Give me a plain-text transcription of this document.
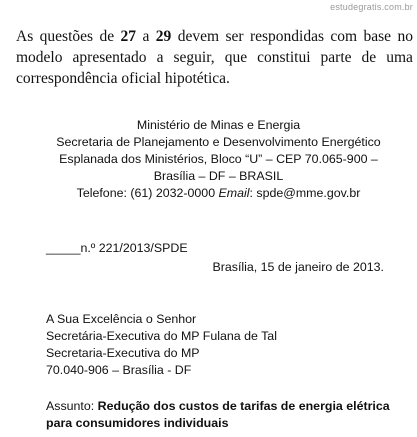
estudegratis.com.br
As questões de 27 a 29 devem ser respondidas com base no
modelo apresentado a seguir, que constitui parte de uma
correspondência oficial hipotética.
Ministério de Minas e Energia
Secretaria de Planejamento e Desenvolvimento Energético
Esplanada dos Ministérios, Bloco “U” – CEP 70.065-900 –
Brasília – DF – BRASIL
Telefone: (61) 2032-0000 Email: spde@mme.gov.br
_____n.º 221/2013/SPDE
Brasília, 15 de janeiro de 2013.
A Sua Excelência o Senhor
Secretária-Executiva do MP Fulana de Tal
Secretaria-Executiva do MP
70.040-906 – Brasília - DF
Assunto: Redução dos custos de tarifas de energia elétrica
para consumidores individuais
